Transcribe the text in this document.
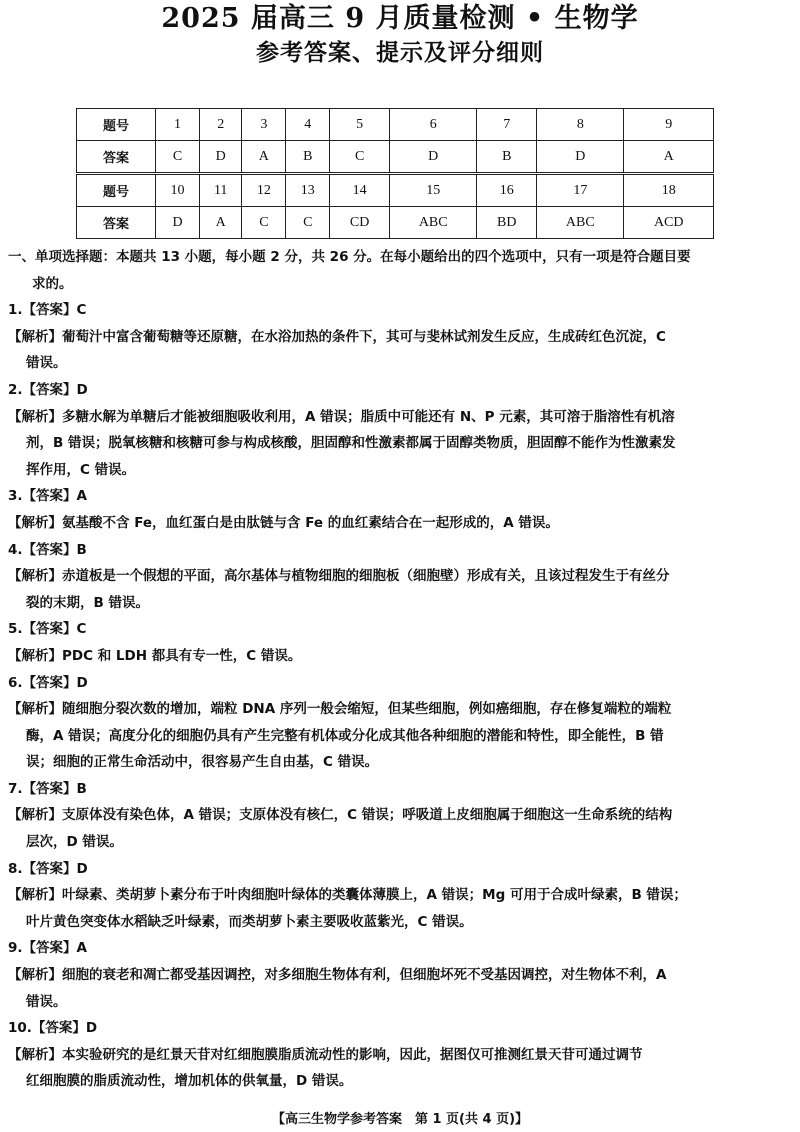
2025 届高三 9 月质量检测 • 生物学
参考答案、提示及评分细则
题号	1	2	3	4	5	6	7	8	9
答案	C	D	A	B	C	D	B	D	A
题号	10	11	12	13	14	15	16	17	18
答案	D	A	C	C	CD	ABC	BD	ABC	ACD

一、单项选择题：本题共 13 小题，每小题 2 分，共 26 分。在每小题给出的四个选项中，只有一项是符合题目要

求的。

1.【答案】C

【解析】葡萄汁中富含葡萄糖等还原糖，在水浴加热的条件下，其可与斐林试剂发生反应，生成砖红色沉淀，C

错误。

2.【答案】D

【解析】多糖水解为单糖后才能被细胞吸收利用，A 错误；脂质中可能还有 N、P 元素，其可溶于脂溶性有机溶

剂，B 错误；脱氧核糖和核糖可参与构成核酸，胆固醇和性激素都属于固醇类物质，胆固醇不能作为性激素发

挥作用，C 错误。

3.【答案】A

【解析】氨基酸不含 Fe，血红蛋白是由肽链与含 Fe 的血红素结合在一起形成的，A 错误。

4.【答案】B

【解析】赤道板是一个假想的平面，高尔基体与植物细胞的细胞板（细胞壁）形成有关，且该过程发生于有丝分

裂的末期，B 错误。

5.【答案】C

【解析】PDC 和 LDH 都具有专一性，C 错误。

6.【答案】D

【解析】随细胞分裂次数的增加，端粒 DNA 序列一般会缩短，但某些细胞，例如癌细胞，存在修复端粒的端粒

酶，A 错误；高度分化的细胞仍具有产生完整有机体或分化成其他各种细胞的潜能和特性，即全能性，B 错

误；细胞的正常生命活动中，很容易产生自由基，C 错误。

7.【答案】B

【解析】支原体没有染色体，A 错误；支原体没有核仁，C 错误；呼吸道上皮细胞属于细胞这一生命系统的结构

层次，D 错误。

8.【答案】D

【解析】叶绿素、类胡萝卜素分布于叶肉细胞叶绿体的类囊体薄膜上，A 错误；Mg 可用于合成叶绿素，B 错误；

叶片黄色突变体水稻缺乏叶绿素，而类胡萝卜素主要吸收蓝紫光，C 错误。

9.【答案】A

【解析】细胞的衰老和凋亡都受基因调控，对多细胞生物体有利，但细胞坏死不受基因调控，对生物体不利，A

错误。

10.【答案】D

【解析】本实验研究的是红景天苷对红细胞膜脂质流动性的影响，因此，据图仅可推测红景天苷可通过调节

红细胞膜的脂质流动性，增加机体的供氧量，D 错误。

【高三生物学参考答案　第 1 页(共 4 页)】
